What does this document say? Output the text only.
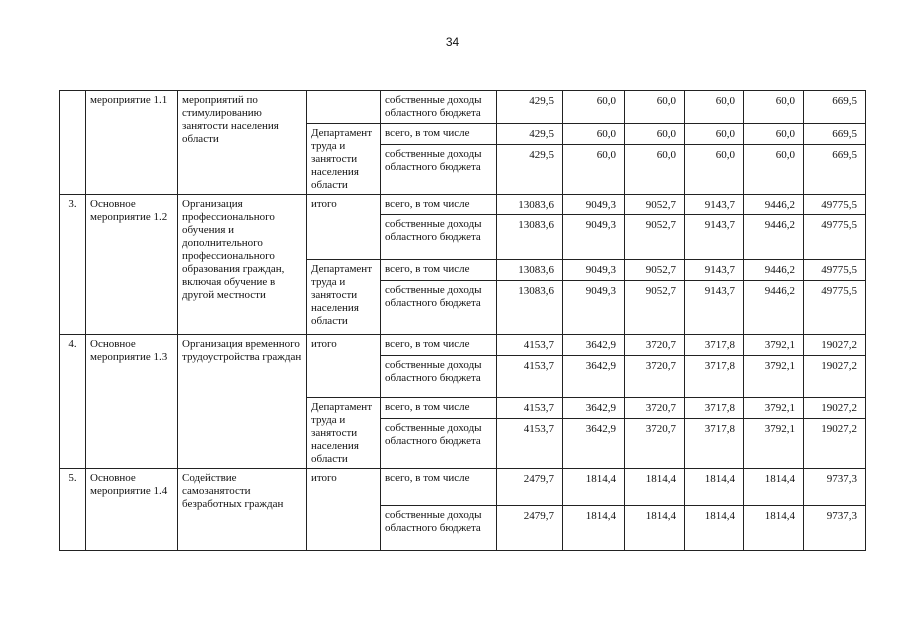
34
	мероприятие 1.1	мероприятий по стимулированию занятости населения области		собственные доходы областного бюджета	429,5	60,0	60,0	60,0	60,0	669,5
			Департамент труда и занятости населения области	всего, в том числе	429,5	60,0	60,0	60,0	60,0	669,5
				собственные доходы областного бюджета	429,5	60,0	60,0	60,0	60,0	669,5
3.	Основное мероприятие 1.2	Организация профессионального обучения и дополнительного профессионального образования граждан, включая обучение в другой местности	итого	всего, в том числе	13083,6	9049,3	9052,7	9143,7	9446,2	49775,5
				собственные доходы областного бюджета	13083,6	9049,3	9052,7	9143,7	9446,2	49775,5
			Департамент труда и занятости населения области	всего, в том числе	13083,6	9049,3	9052,7	9143,7	9446,2	49775,5
				собственные доходы областного бюджета	13083,6	9049,3	9052,7	9143,7	9446,2	49775,5
4.	Основное мероприятие 1.3	Организация временного трудоустройства граждан	итого	всего, в том числе	4153,7	3642,9	3720,7	3717,8	3792,1	19027,2
				собственные доходы областного бюджета	4153,7	3642,9	3720,7	3717,8	3792,1	19027,2
			Департамент труда и занятости населения области	всего, в том числе	4153,7	3642,9	3720,7	3717,8	3792,1	19027,2
				собственные доходы областного бюджета	4153,7	3642,9	3720,7	3717,8	3792,1	19027,2
5.	Основное мероприятие 1.4	Содействие самозанятости безработных граждан	итого	всего, в том числе	2479,7	1814,4	1814,4	1814,4	1814,4	9737,3
				собственные доходы областного бюджета	2479,7	1814,4	1814,4	1814,4	1814,4	9737,3
